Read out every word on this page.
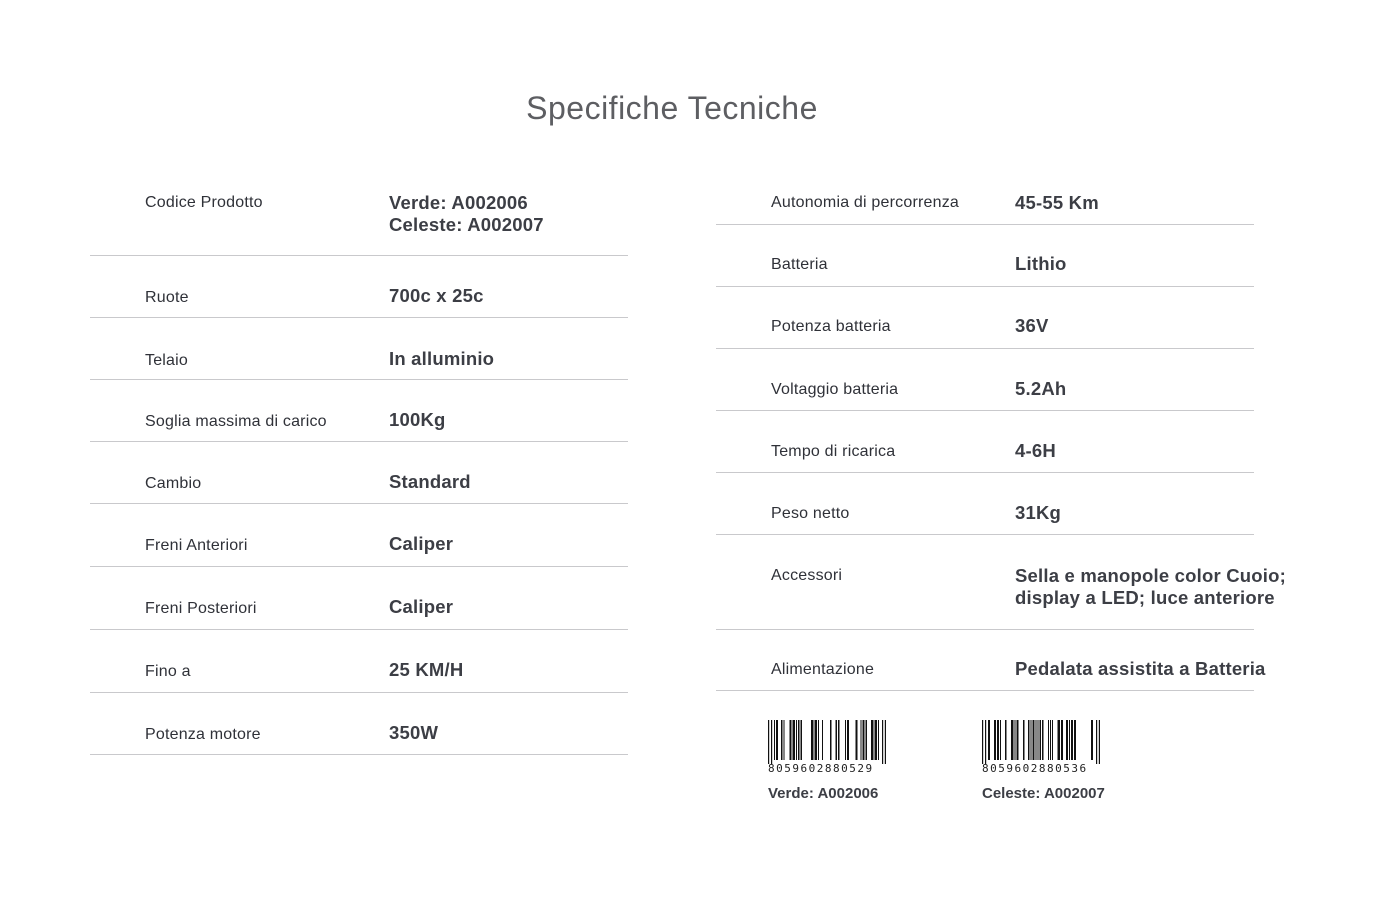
Specifiche Tecniche
Codice Prodotto	Verde: A002006
Celeste: A002007
Ruote	700c x 25c
Telaio	In alluminio
Soglia massima di carico	100Kg
Cambio	Standard
Freni Anteriori	Caliper
Freni Posteriori	Caliper
Fino a	25 KM/H
Potenza motore	350W
Autonomia di percorrenza	45-55 Km
Batteria	Lithio
Potenza batteria	36V
Voltaggio batteria	5.2Ah
Tempo di ricarica	4-6H
Peso netto	31Kg
Accessori	Sella e manopole color Cuoio;
display a LED; luce anteriore
Alimentazione	Pedalata assistita a Batteria
8059602880529
Verde: A002006
8059602880536
Celeste: A002007
